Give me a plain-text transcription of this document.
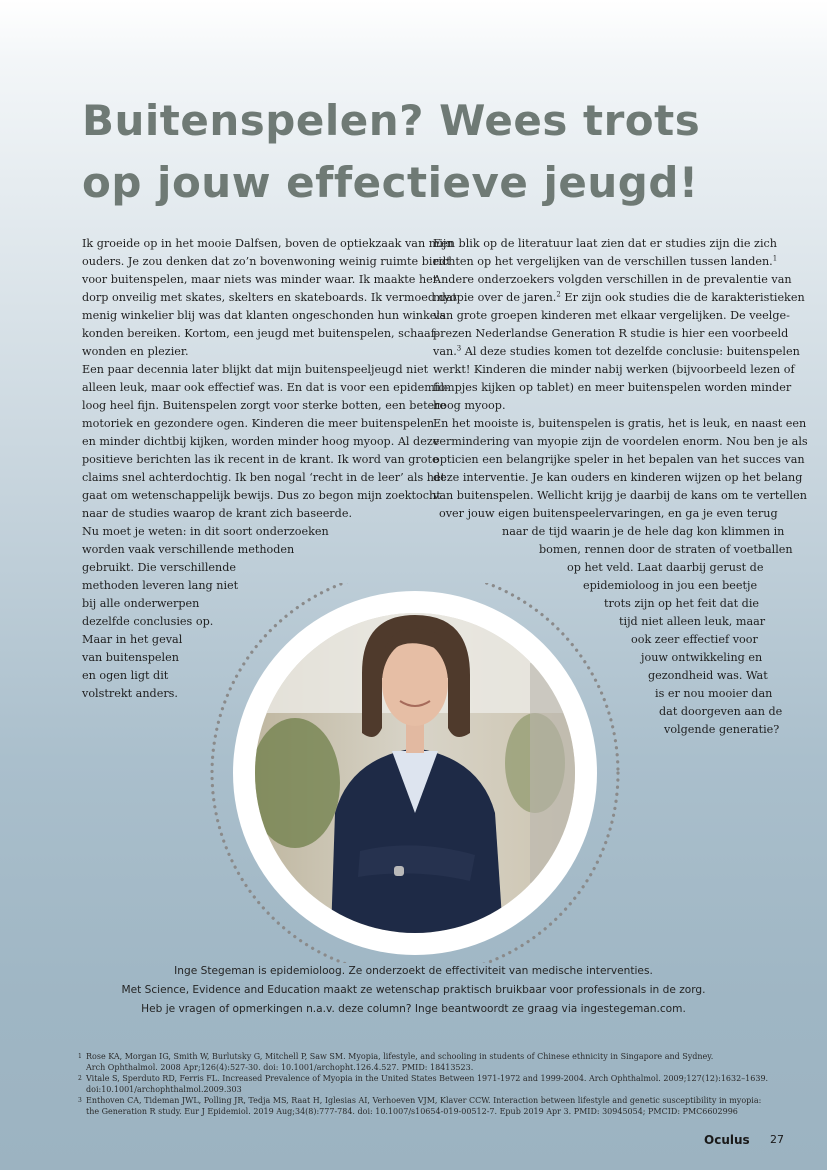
Buitenspelen? Wees trots
op jouw effectieve jeugd!

Ik groeide op in het mooie Dalfsen, boven de optiekzaak van mijn

ouders. Je zou denken dat zo’n bovenwoning weinig ruimte biedt

voor buitenspelen, maar niets was minder waar. Ik maakte het

dorp onveilig met skates, skelters en skateboards. Ik vermoed dat

menig winkelier blij was dat klanten ongeschonden hun winkels

konden bereiken. Kortom, een jeugd met buitenspelen, schaaf-

wonden en plezier.

Een paar decennia later blijkt dat mijn buitenspeeljeugd niet

alleen leuk, maar ook effectief was. En dat is voor een epidemio-

loog heel fijn. Buitenspelen zorgt voor sterke botten, een betere

motoriek en gezondere ogen. Kinderen die meer buitenspelen

en minder dichtbij kijken, worden minder hoog myoop. Al deze

positieve berichten las ik recent in de krant. Ik word van grote

claims snel achterdochtig. Ik ben nogal ‘recht in de leer’ als het

gaat om wetenschappelijk bewijs. Dus zo begon mijn zoektocht

naar de studies waarop de krant zich baseerde.

Nu moet je weten: in dit soort onderzoeken

worden vaak verschillende methoden

gebruikt. Die verschillende

methoden leveren lang niet

bij alle onderwerpen

dezelfde conclusies op.

Maar in het geval

van buitenspelen

en ogen ligt dit

volstrekt anders.

Een blik op de literatuur laat zien dat er studies zijn die zich

richten op het vergelijken van de verschillen tussen landen.$^1$

Andere onderzoekers volgden verschillen in de prevalentie van

myopie over de jaren.$^2$ Er zijn ook studies die de karakteristieken

van grote groepen kinderen met elkaar vergelijken. De veelge-

prezen Nederlandse Generation R studie is hier een voorbeeld

van.$^3$ Al deze studies komen tot dezelfde conclusie: buitenspelen

werkt! Kinderen die minder nabij werken (bijvoorbeeld lezen of

filmpjes kijken op tablet) en meer buitenspelen worden minder

hoog myoop.

En het mooiste is, buitenspelen is gratis, het is leuk, en naast een

vermindering van myopie zijn de voordelen enorm. Nou ben je als

opticien een belangrijke speler in het bepalen van het succes van

deze interventie. Je kan ouders en kinderen wijzen op het belang

van buitenspelen. Wellicht krijg je daarbij de kans om te vertellen

over jouw eigen buitenspeelervaringen, en ga je even terug

naar de tijd waarin je de hele dag kon klimmen in

bomen, rennen door de straten of voetballen

op het veld. Laat daarbij gerust de

epidemioloog in jou een beetje

trots zijn op het feit dat die

tijd niet alleen leuk, maar

ook zeer effectief voor

jouw ontwikkeling en

gezondheid was. Wat

is er nou mooier dan

dat doorgeven aan de

volgende generatie?

Inge Stegeman is epidemioloog. Ze onderzoekt de effectiviteit van medische interventies.

Met Science, Evidence and Education maakt ze wetenschap praktisch bruikbaar voor professionals in de zorg.

Heb je vragen of opmerkingen n.a.v. deze column? Inge beantwoordt ze graag via ingestegeman.com.

1 Rose KA, Morgan IG, Smith W, Burlutsky G, Mitchell P, Saw SM. Myopia, lifestyle, and schooling in students of Chinese ethnicity in Singapore and Sydney.
Arch Ophthalmol. 2008 Apr;126(4):527-30. doi: 10.1001/archopht.126.4.527. PMID: 18413523.
2 Vitale S, Sperduto RD, Ferris FL. Increased Prevalence of Myopia in the United States Between 1971-1972 and 1999-2004. Arch Ophthalmol. 2009;127(12):1632–1639.
doi:10.1001/archophthalmol.2009.303
3 Enthoven CA, Tideman JWL, Polling JR, Tedja MS, Raat H, Iglesias AI, Verhoeven VJM, Klaver CCW. Interaction between lifestyle and genetic susceptibility in myopia:
the Generation R study. Eur J Epidemiol. 2019 Aug;34(8):777-784. doi: 10.1007/s10654-019-00512-7. Epub 2019 Apr 3. PMID: 30945054; PMCID: PMC6602996
Oculus 27
